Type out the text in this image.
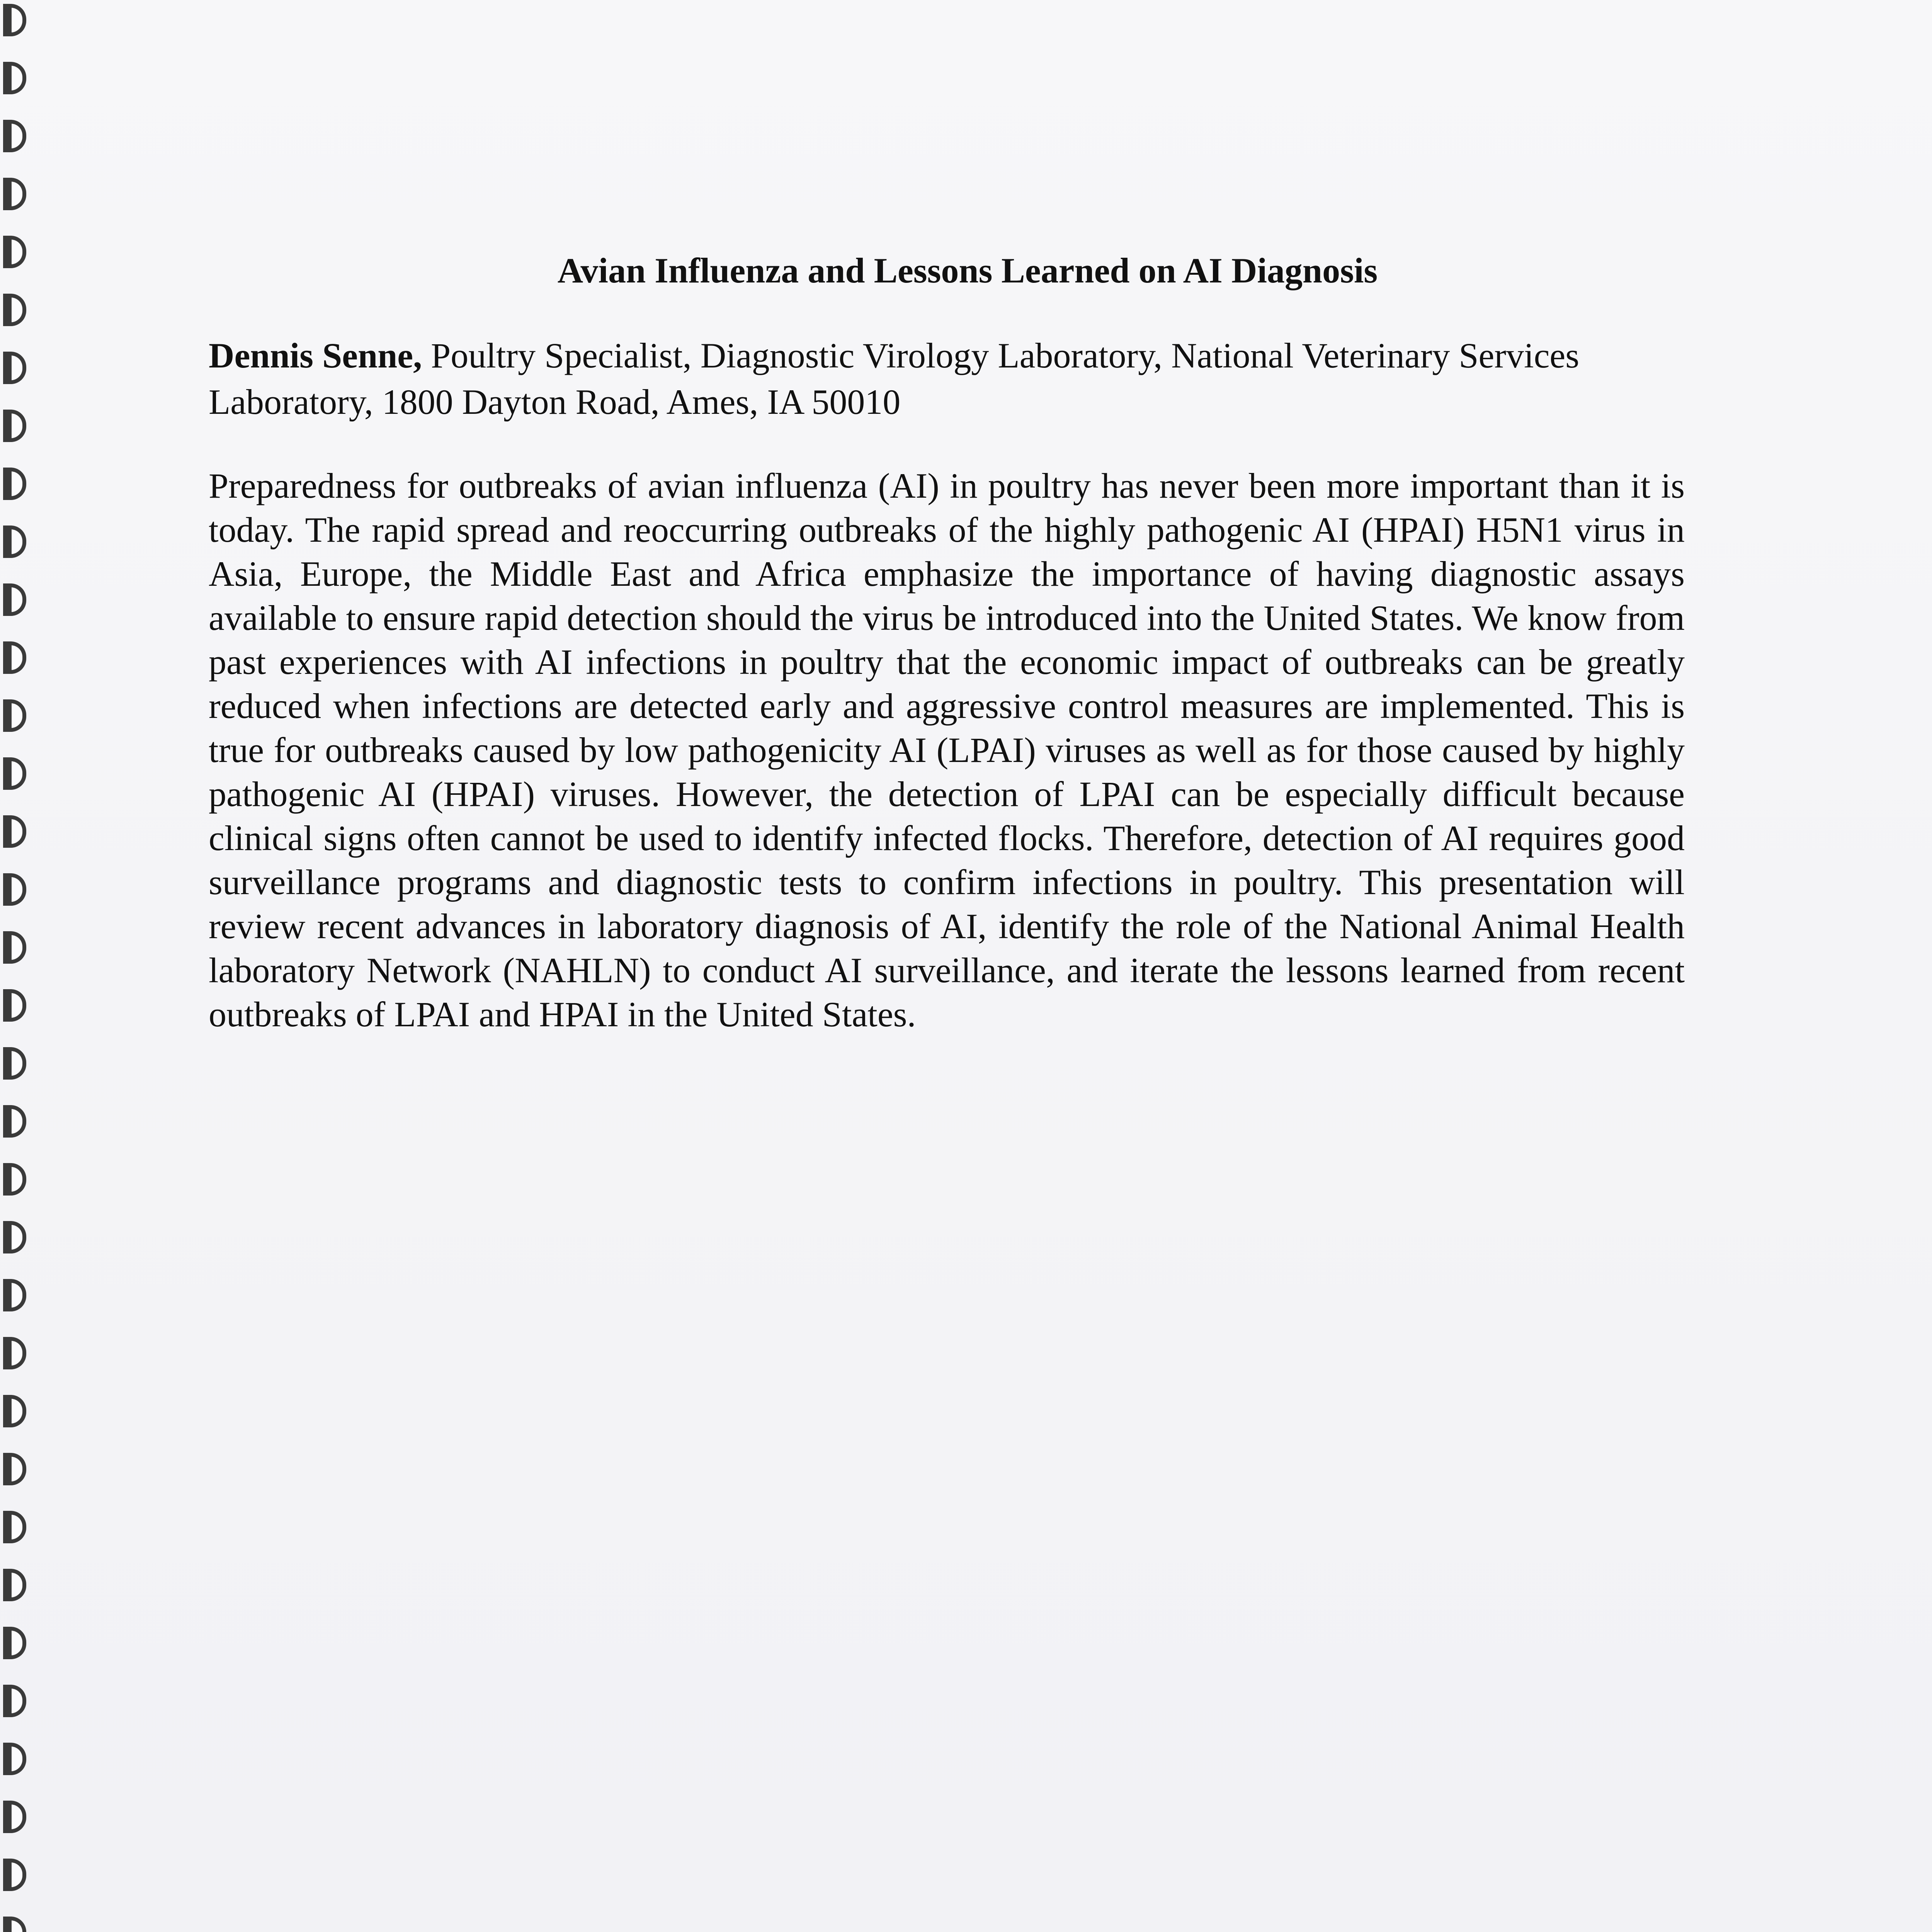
Avian Influenza and Lessons Learned on AI Diagnosis
Dennis Senne, Poultry Specialist, Diagnostic Virology Laboratory, National Veterinary Services Laboratory, 1800 Dayton Road, Ames, IA 50010
Preparedness for outbreaks of avian influenza (AI) in poultry has never been more important than it is today. The rapid spread and reoccurring outbreaks of the highly pathogenic AI (HPAI) H5N1 virus in Asia, Europe, the Middle East and Africa emphasize the importance of having diagnostic assays available to ensure rapid detection should the virus be introduced into the United States. We know from past experiences with AI infections in poultry that the economic impact of outbreaks can be greatly reduced when infections are detected early and aggressive control measures are implemented. This is true for outbreaks caused by low pathogenicity AI (LPAI) viruses as well as for those caused by highly pathogenic AI (HPAI) viruses. However, the detection of LPAI can be especially difficult because clinical signs often cannot be used to identify infected flocks. Therefore, detection of AI requires good surveillance programs and diagnostic tests to confirm infections in poultry. This presentation will review recent advances in laboratory diagnosis of AI, identify the role of the National Animal Health laboratory Network (NAHLN) to conduct AI surveillance, and iterate the lessons learned from recent outbreaks of LPAI and HPAI in the United States.
